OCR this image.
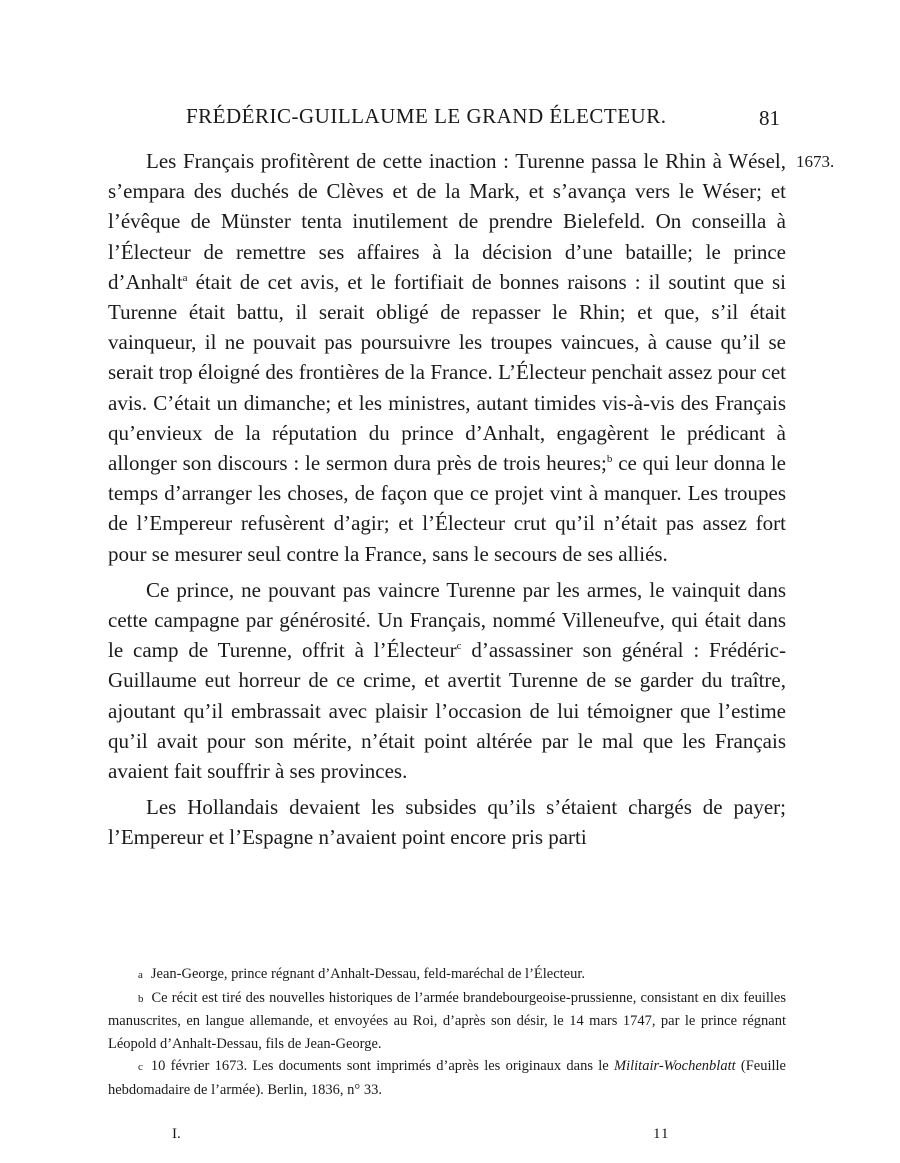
FRÉDÉRIC-GUILLAUME LE GRAND ÉLECTEUR.	81
1673.

Les Français profitèrent de cette inaction : Turenne passa le Rhin à Wésel, s’empara des duchés de Clèves et de la Mark, et s’avança vers le Wéser; et l’évêque de Münster tenta inutilement de prendre Bielefeld. On conseilla à l’Électeur de remettre ses affaires à la décision d’une bataille; le prince d’Anhalt$^a$ était de cet avis, et le fortifiait de bonnes raisons : il soutint que si Turenne était battu, il serait obligé de repasser le Rhin; et que, s’il était vainqueur, il ne pouvait pas poursuivre les troupes vaincues, à cause qu’il se serait trop éloigné des frontières de la France. L’Électeur penchait assez pour cet avis. C’était un dimanche; et les ministres, autant timides vis-à-vis des Français qu’envieux de la réputation du prince d’Anhalt, engagèrent le prédicant à allonger son discours : le sermon dura près de trois heures;$^b$ ce qui leur donna le temps d’arranger les choses, de façon que ce projet vint à manquer. Les troupes de l’Empereur refusèrent d’agir; et l’Électeur crut qu’il n’était pas assez fort pour se mesurer seul contre la France, sans le secours de ses alliés.

Ce prince, ne pouvant pas vaincre Turenne par les armes, le vainquit dans cette campagne par générosité. Un Français, nommé Villeneufve, qui était dans le camp de Turenne, offrit à l’Électeur$^c$ d’assassiner son général : Frédéric-Guillaume eut horreur de ce crime, et avertit Turenne de se garder du traître, ajoutant qu’il embrassait avec plaisir l’occasion de lui témoigner que l’estime qu’il avait pour son mérite, n’était point altérée par le mal que les Français avaient fait souffrir à ses provinces.

Les Hollandais devaient les subsides qu’ils s’étaient chargés de payer; l’Empereur et l’Espagne n’avaient point encore pris parti

a Jean-George, prince régnant d’Anhalt-Dessau, feld-maréchal de l’Électeur.

b Ce récit est tiré des nouvelles historiques de l’armée brandebourgeoise-prussienne, consistant en dix feuilles manuscrites, en langue allemande, et envoyées au Roi, d’après son désir, le 14 mars 1747, par le prince régnant Léopold d’Anhalt-Dessau, fils de Jean-George.

c 10 février 1673. Les documents sont imprimés d’après les originaux dans le Militair-Wochenblatt (Feuille hebdomadaire de l’armée). Berlin, 1836, n° 33.

I.	11
